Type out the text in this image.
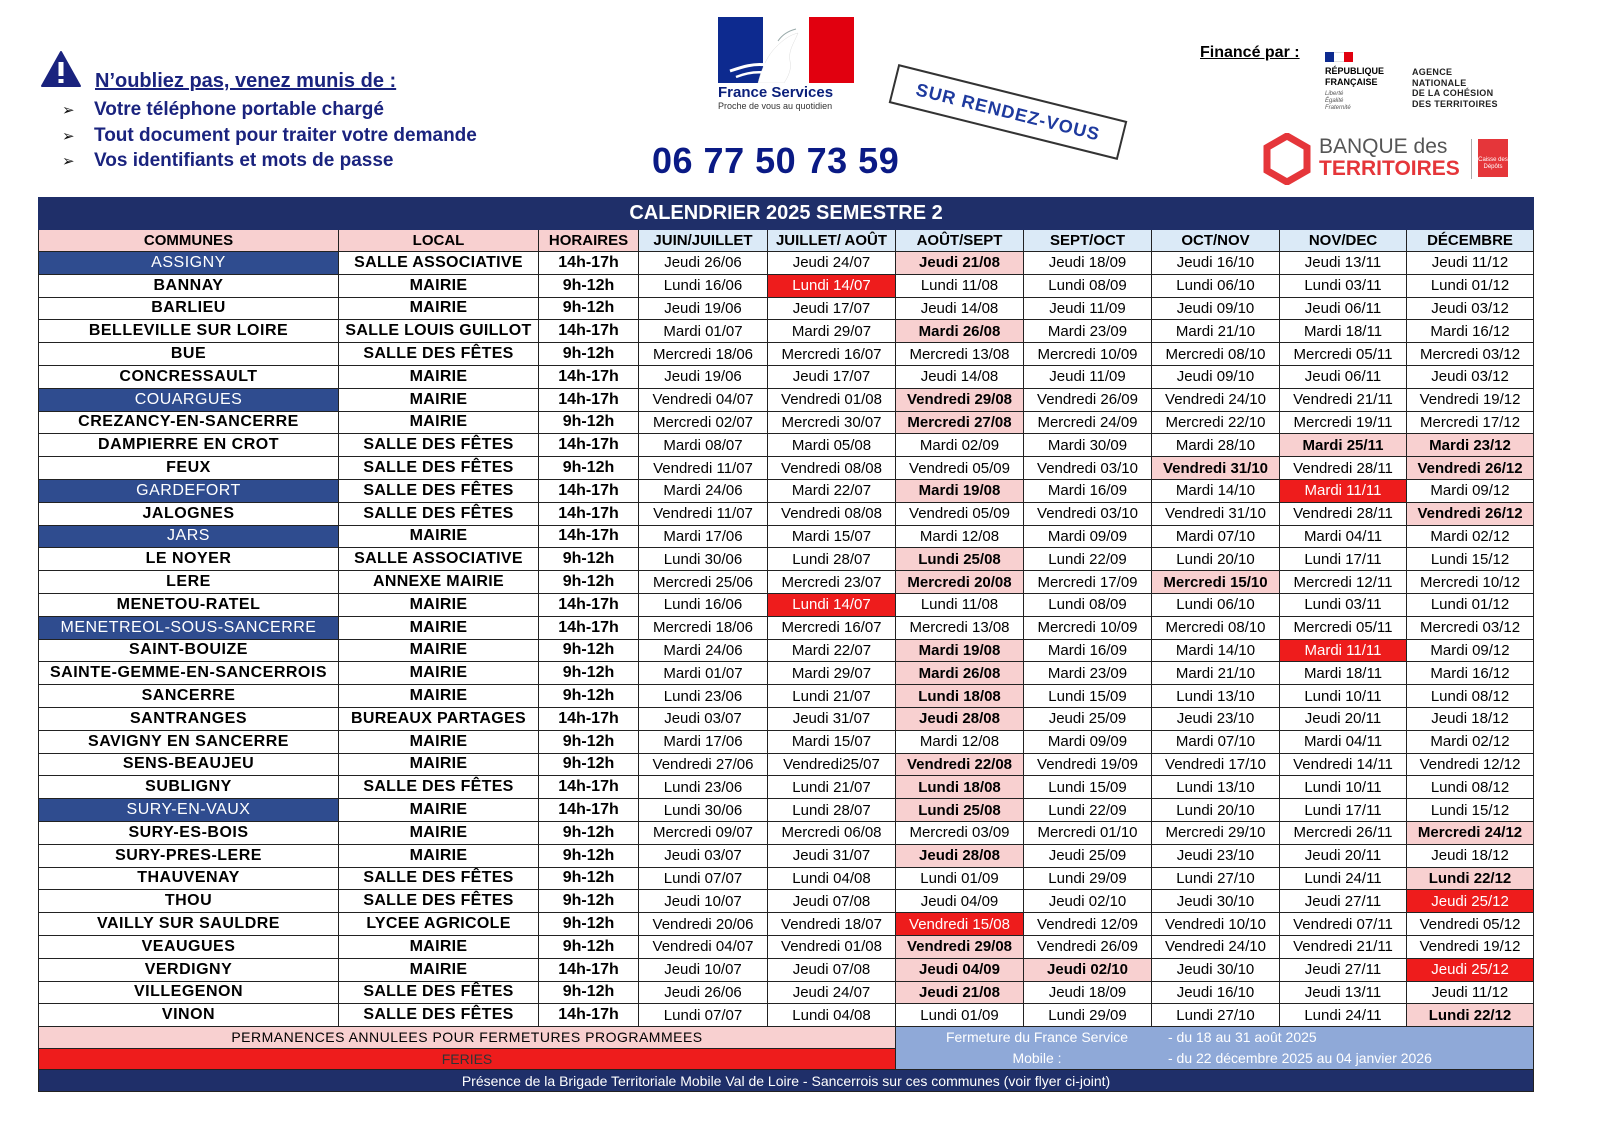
N’oubliez pas, venez munis de :
➢ Votre téléphone portable chargé
➢ Tout document pour traiter votre demande
➢ Vos identifiants et mots de passe
France Services
Proche de vous au quotidien
06 77 50 73 59
SUR RENDEZ-VOUS
Financé par :
RÉPUBLIQUE
FRANÇAISE
Liberté
Égalité
Fraternité
AGENCE
NATIONALE
DE LA COHÉSION
DES TERRITOIRES
BANQUE des
TERRITOIRES	Caisse des Dépôts
CALENDRIER 2025 SEMESTRE 2									
COMMUNES	LOCAL	HORAIRES	JUIN/JUILLET	JUILLET/ AOÛT	AOÛT/SEPT	SEPT/OCT	OCT/NOV	NOV/DEC	DÉCEMBRE
ASSIGNY	SALLE ASSOCIATIVE	14h-17h	Jeudi 26/06	Jeudi 24/07	Jeudi 21/08	Jeudi 18/09	Jeudi 16/10	Jeudi 13/11	Jeudi 11/12
BANNAY	MAIRIE	9h-12h	Lundi 16/06	Lundi 14/07	Lundi 11/08	Lundi 08/09	Lundi 06/10	Lundi 03/11	Lundi 01/12
BARLIEU	MAIRIE	9h-12h	Jeudi 19/06	Jeudi 17/07	Jeudi 14/08	Jeudi 11/09	Jeudi 09/10	Jeudi 06/11	Jeudi 03/12
BELLEVILLE SUR LOIRE	SALLE LOUIS GUILLOT	14h-17h	Mardi 01/07	Mardi 29/07	Mardi 26/08	Mardi 23/09	Mardi 21/10	Mardi 18/11	Mardi 16/12
BUE	SALLE DES FÊTES	9h-12h	Mercredi 18/06	Mercredi 16/07	Mercredi 13/08	Mercredi 10/09	Mercredi 08/10	Mercredi 05/11	Mercredi 03/12
CONCRESSAULT	MAIRIE	14h-17h	Jeudi 19/06	Jeudi 17/07	Jeudi 14/08	Jeudi 11/09	Jeudi 09/10	Jeudi 06/11	Jeudi 03/12
COUARGUES	MAIRIE	14h-17h	Vendredi 04/07	Vendredi 01/08	Vendredi 29/08	Vendredi 26/09	Vendredi 24/10	Vendredi 21/11	Vendredi 19/12
CREZANCY-EN-SANCERRE	MAIRIE	9h-12h	Mercredi 02/07	Mercredi 30/07	Mercredi 27/08	Mercredi 24/09	Mercredi 22/10	Mercredi 19/11	Mercredi 17/12
DAMPIERRE EN CROT	SALLE DES FÊTES	14h-17h	Mardi 08/07	Mardi 05/08	Mardi 02/09	Mardi 30/09	Mardi 28/10	Mardi 25/11	Mardi 23/12
FEUX	SALLE DES FÊTES	9h-12h	Vendredi 11/07	Vendredi 08/08	Vendredi 05/09	Vendredi 03/10	Vendredi 31/10	Vendredi 28/11	Vendredi 26/12
GARDEFORT	SALLE DES FÊTES	14h-17h	Mardi 24/06	Mardi 22/07	Mardi 19/08	Mardi 16/09	Mardi 14/10	Mardi 11/11	Mardi 09/12
JALOGNES	SALLE DES FÊTES	14h-17h	Vendredi 11/07	Vendredi 08/08	Vendredi 05/09	Vendredi 03/10	Vendredi 31/10	Vendredi 28/11	Vendredi 26/12
JARS	MAIRIE	14h-17h	Mardi 17/06	Mardi 15/07	Mardi 12/08	Mardi 09/09	Mardi 07/10	Mardi 04/11	Mardi 02/12
LE NOYER	SALLE ASSOCIATIVE	9h-12h	Lundi 30/06	Lundi 28/07	Lundi 25/08	Lundi 22/09	Lundi 20/10	Lundi 17/11	Lundi 15/12
LERE	ANNEXE MAIRIE	9h-12h	Mercredi 25/06	Mercredi 23/07	Mercredi 20/08	Mercredi 17/09	Mercredi 15/10	Mercredi 12/11	Mercredi 10/12
MENETOU-RATEL	MAIRIE	14h-17h	Lundi 16/06	Lundi 14/07	Lundi 11/08	Lundi 08/09	Lundi 06/10	Lundi 03/11	Lundi 01/12
MENETREOL-SOUS-SANCERRE	MAIRIE	14h-17h	Mercredi 18/06	Mercredi 16/07	Mercredi 13/08	Mercredi 10/09	Mercredi 08/10	Mercredi 05/11	Mercredi 03/12
SAINT-BOUIZE	MAIRIE	9h-12h	Mardi 24/06	Mardi 22/07	Mardi 19/08	Mardi 16/09	Mardi 14/10	Mardi 11/11	Mardi 09/12
SAINTE-GEMME-EN-SANCERROIS	MAIRIE	9h-12h	Mardi 01/07	Mardi 29/07	Mardi 26/08	Mardi 23/09	Mardi 21/10	Mardi 18/11	Mardi 16/12
SANCERRE	MAIRIE	9h-12h	Lundi 23/06	Lundi 21/07	Lundi 18/08	Lundi 15/09	Lundi 13/10	Lundi 10/11	Lundi 08/12
SANTRANGES	BUREAUX PARTAGES	14h-17h	Jeudi 03/07	Jeudi 31/07	Jeudi 28/08	Jeudi 25/09	Jeudi 23/10	Jeudi 20/11	Jeudi 18/12
SAVIGNY EN SANCERRE	MAIRIE	9h-12h	Mardi 17/06	Mardi 15/07	Mardi 12/08	Mardi 09/09	Mardi 07/10	Mardi 04/11	Mardi 02/12
SENS-BEAUJEU	MAIRIE	9h-12h	Vendredi 27/06	Vendredi25/07	Vendredi 22/08	Vendredi 19/09	Vendredi 17/10	Vendredi 14/11	Vendredi 12/12
SUBLIGNY	SALLE DES FÊTES	14h-17h	Lundi 23/06	Lundi 21/07	Lundi 18/08	Lundi 15/09	Lundi 13/10	Lundi 10/11	Lundi 08/12
SURY-EN-VAUX	MAIRIE	14h-17h	Lundi 30/06	Lundi 28/07	Lundi 25/08	Lundi 22/09	Lundi 20/10	Lundi 17/11	Lundi 15/12
SURY-ES-BOIS	MAIRIE	9h-12h	Mercredi 09/07	Mercredi 06/08	Mercredi 03/09	Mercredi 01/10	Mercredi 29/10	Mercredi 26/11	Mercredi 24/12
SURY-PRES-LERE	MAIRIE	9h-12h	Jeudi 03/07	Jeudi 31/07	Jeudi 28/08	Jeudi 25/09	Jeudi 23/10	Jeudi 20/11	Jeudi 18/12
THAUVENAY	SALLE DES FÊTES	9h-12h	Lundi 07/07	Lundi 04/08	Lundi 01/09	Lundi 29/09	Lundi 27/10	Lundi 24/11	Lundi 22/12
THOU	SALLE DES FÊTES	9h-12h	Jeudi 10/07	Jeudi 07/08	Jeudi 04/09	Jeudi 02/10	Jeudi 30/10	Jeudi 27/11	Jeudi 25/12
VAILLY SUR SAULDRE	LYCEE AGRICOLE	9h-12h	Vendredi 20/06	Vendredi 18/07	Vendredi 15/08	Vendredi 12/09	Vendredi 10/10	Vendredi 07/11	Vendredi 05/12
VEAUGUES	MAIRIE	9h-12h	Vendredi 04/07	Vendredi 01/08	Vendredi 29/08	Vendredi 26/09	Vendredi 24/10	Vendredi 21/11	Vendredi 19/12
VERDIGNY	MAIRIE	14h-17h	Jeudi 10/07	Jeudi 07/08	Jeudi 04/09	Jeudi 02/10	Jeudi 30/10	Jeudi 27/11	Jeudi 25/12
VILLEGENON	SALLE DES FÊTES	9h-12h	Jeudi 26/06	Jeudi 24/07	Jeudi 21/08	Jeudi 18/09	Jeudi 16/10	Jeudi 13/11	Jeudi 11/12
VINON	SALLE DES FÊTES	14h-17h	Lundi 07/07	Lundi 04/08	Lundi 01/09	Lundi 29/09	Lundi 27/10	Lundi 24/11	Lundi 22/12
PERMANENCES ANNULEES POUR FERMETURES PROGRAMMEES					Fermeture du France Service - du 18 au 31 août 2025
Mobile : - du 22 décembre 2025 au 04 janvier 2026				

FERIES									
Présence de la Brigade Territoriale Mobile Val de Loire - Sancerrois sur ces communes (voir flyer ci-joint)									
